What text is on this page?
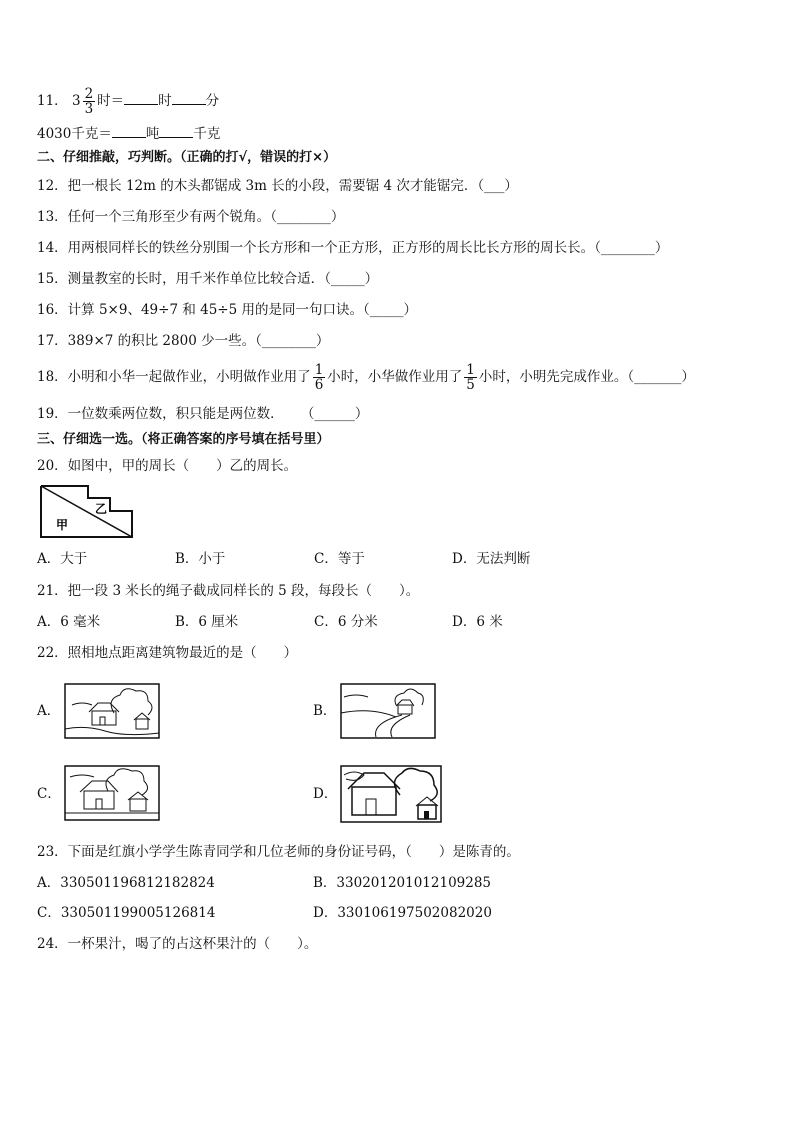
11． $3 \frac{2}{3}$ 时＝	时	分
4030千克＝	吨	千克
二、仔细推敲，巧判断。（正确的打√，错误的打×）
12．把一根长 12m 的木头都锯成 3m 长的小段，需要锯 4 次才能锯完．（___）
13．任何一个三角形至少有两个锐角。（________）
14．用两根同样长的铁丝分别围一个长方形和一个正方形，正方形的周长比长方形的周长长。（________）
15．测量教室的长时，用千米作单位比较合适．（_____）
16．计算 5×9、49÷7 和 45÷5 用的是同一句口诀。（_____）
17．389×7 的积比 2800 少一些。（________）
18．小明和小华一起做作业，小明做作业用了 $\frac{1}{6}$ 小时，小华做作业用了 $\frac{1}{5}$ 小时，小明先完成作业。（_______）
19．一位数乘两位数，积只能是两位数． （______）
三、仔细选一选。（将正确答案的序号填在括号里）
20．如图中，甲的周长（　　）乙的周长。
甲
乙
A．大于	B．小于	C．等于	D．无法判断
21．把一段 3 米长的绳子截成同样长的 5 段，每段长（　　）。
A．6 毫米	B．6 厘米	C．6 分米	D．6 米
22．照相地点距离建筑物最近的是（　　）
A．	B．
C．	D．
23．下面是红旗小学学生陈青同学和几位老师的身份证号码，（　　）是陈青的。
A．330501196812182824	B．330201201012109285
C．330501199005126814	D．330106197502082020
24．一杯果汁，喝了的占这杯果汁的（　　）。
